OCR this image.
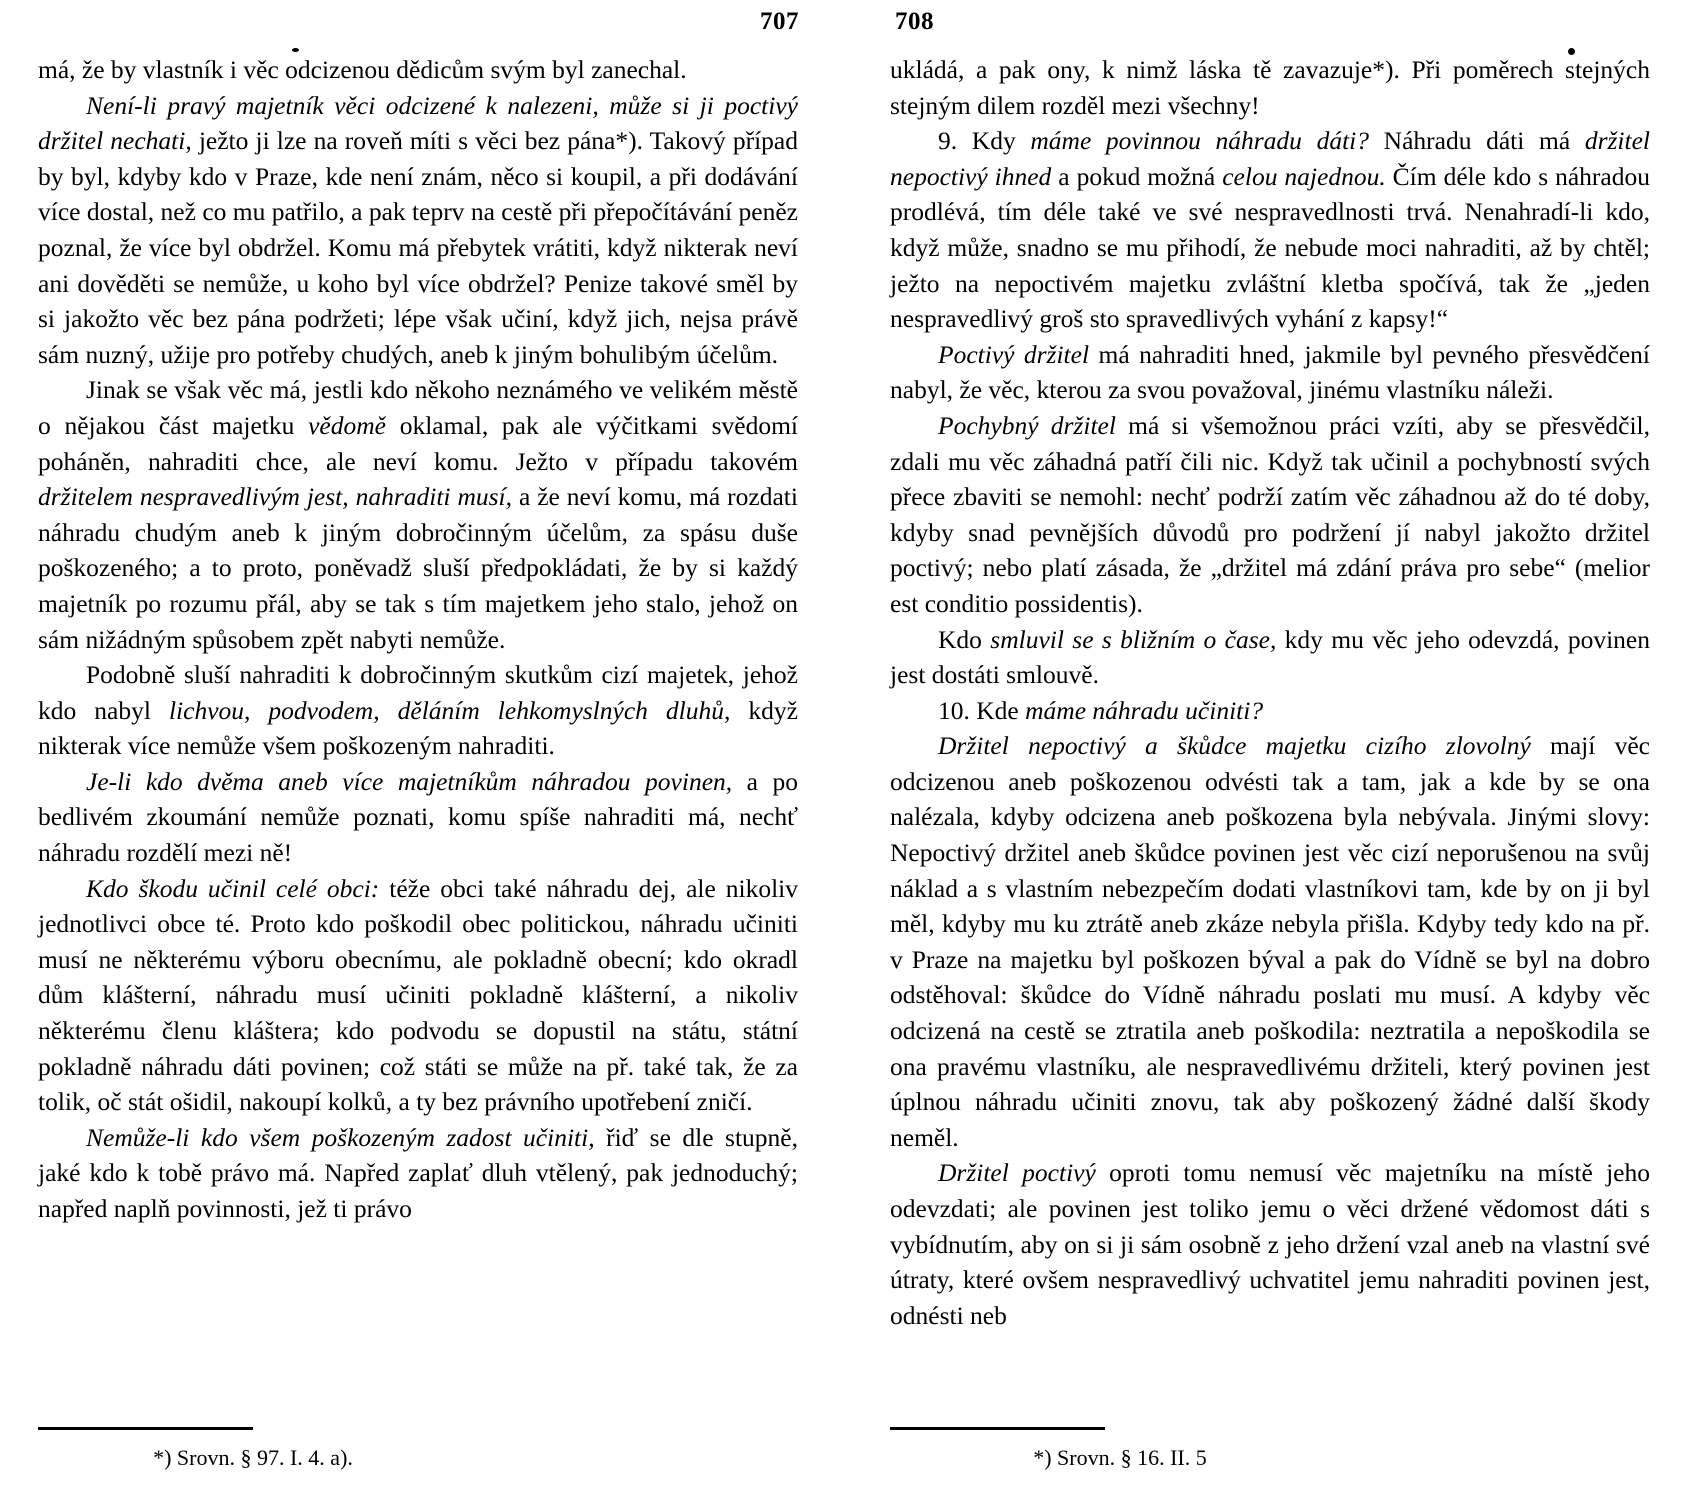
707	708

má, že by vlastník i věc odcizenou dědicům svým byl zanechal.

Není-li pravý majetník věci odcizené k nalezeni, může si ji poctivý držitel nechati, ježto ji lze na roveň míti s věci bez pána*). Takový případ by byl, kdyby kdo v Praze, kde není znám, něco si koupil, a při dodávání více dostal, než co mu patřilo, a pak teprv na cestě při přepočítávání peněz poznal, že více byl obdržel. Komu má přebytek vrátiti, když nikterak neví ani dověděti se nemůže, u koho byl více obdržel? Penize takové směl by si jakožto věc bez pána podržeti; lépe však učiní, když jich, nejsa právě sám nuzný, užije pro potřeby chudých, aneb k jiným bohulibým účelům.

Jinak se však věc má, jestli kdo někoho neznámého ve velikém městě o nějakou část majetku vědomě oklamal, pak ale výčitkami svědomí poháněn, nahraditi chce, ale neví komu. Ježto v případu takovém držitelem nespravedlivým jest, nahraditi musí, a že neví komu, má rozdati náhradu chudým aneb k jiným dobročinným účelům, za spásu duše poškozeného; a to proto, poněvadž sluší předpokládati, že by si každý majetník po rozumu přál, aby se tak s tím majetkem jeho stalo, jehož on sám nižádným spůsobem zpět nabyti nemůže.

Podobně sluší nahraditi k dobročinným skutkům cizí majetek, jehož kdo nabyl lichvou, podvodem, děláním lehkomyslných dluhů, když nikterak více nemůže všem poškozeným nahraditi.

Je-li kdo dvěma aneb více majetníkům náhradou povinen, a po bedlivém zkoumání nemůže poznati, komu spíše nahraditi má, nechť náhradu rozdělí mezi ně!

Kdo škodu učinil celé obci: téže obci také náhradu dej, ale nikoliv jednotlivci obce té. Proto kdo poškodil obec politickou, náhradu učiniti musí ne některému výboru obecnímu, ale pokladně obecní; kdo okradl dům klášterní, náhradu musí učiniti pokladně klášterní, a nikoliv některému členu kláštera; kdo podvodu se dopustil na státu, státní pokladně náhradu dáti povinen; což státi se může na př. také tak, že za tolik, oč stát ošidil, nakoupí kolků, a ty bez právního upotřebení zničí.

Nemůže-li kdo všem poškozeným zadost učiniti, řiď se dle stupně, jaké kdo k tobě právo má. Napřed zaplať dluh vtělený, pak jednoduchý; napřed naplň povinnosti, jež ti právo

ukládá, a pak ony, k nimž láska tě zavazuje*). Při poměrech stejných stejným dilem rozděl mezi všechny!

9. Kdy máme povinnou náhradu dáti? Náhradu dáti má držitel nepoctivý ihned a pokud možná celou najednou. Čím déle kdo s náhradou prodlévá, tím déle také ve své nespravedlnosti trvá. Nenahradí-li kdo, když může, snadno se mu přihodí, že nebude moci nahraditi, až by chtěl; ježto na nepoctivém majetku zvláštní kletba spočívá, tak že „jeden nespravedlivý groš sto spravedlivých vyhání z kapsy!“

Poctivý držitel má nahraditi hned, jakmile byl pevného přesvědčení nabyl, že věc, kterou za svou považoval, jinému vlastníku náleži.

Pochybný držitel má si všemožnou práci vzíti, aby se přesvědčil, zdali mu věc záhadná patří čili nic. Když tak učinil a pochybností svých přece zbaviti se nemohl: nechť podrží zatím věc záhadnou až do té doby, kdyby snad pevnějších důvodů pro podržení jí nabyl jakožto držitel poctivý; nebo platí zásada, že „držitel má zdání práva pro sebe“ (melior est conditio possidentis).

Kdo smluvil se s bližním o čase, kdy mu věc jeho odevzdá, povinen jest dostáti smlouvě.

10. Kde máme náhradu učiniti?

Držitel nepoctivý a škůdce majetku cizího zlovolný mají věc odcizenou aneb poškozenou odvésti tak a tam, jak a kde by se ona nalézala, kdyby odcizena aneb poškozena byla nebývala. Jinými slovy: Nepoctivý držitel aneb škůdce povinen jest věc cizí neporušenou na svůj náklad a s vlastním nebezpečím dodati vlastníkovi tam, kde by on ji byl měl, kdyby mu ku ztrátě aneb zkáze nebyla přišla. Kdyby tedy kdo na př. v Praze na majetku byl poškozen býval a pak do Vídně se byl na dobro odstěhoval: škůdce do Vídně náhradu poslati mu musí. A kdyby věc odcizená na cestě se ztratila aneb poškodila: neztratila a nepoškodila se ona pravému vlastníku, ale nespravedlivému držiteli, který povinen jest úplnou náhradu učiniti znovu, tak aby poškozený žádné další škody neměl.

Držitel poctivý oproti tomu nemusí věc majetníku na místě jeho odevzdati; ale povinen jest toliko jemu o věci držené vědomost dáti s vybídnutím, aby on si ji sám osobně z jeho držení vzal aneb na vlastní své útraty, které ovšem nespravedlivý uchvatitel jemu nahraditi povinen jest, odnésti neb

*) Srovn. § 97. I. 4. a).	*) Srovn. § 16. II. 5
